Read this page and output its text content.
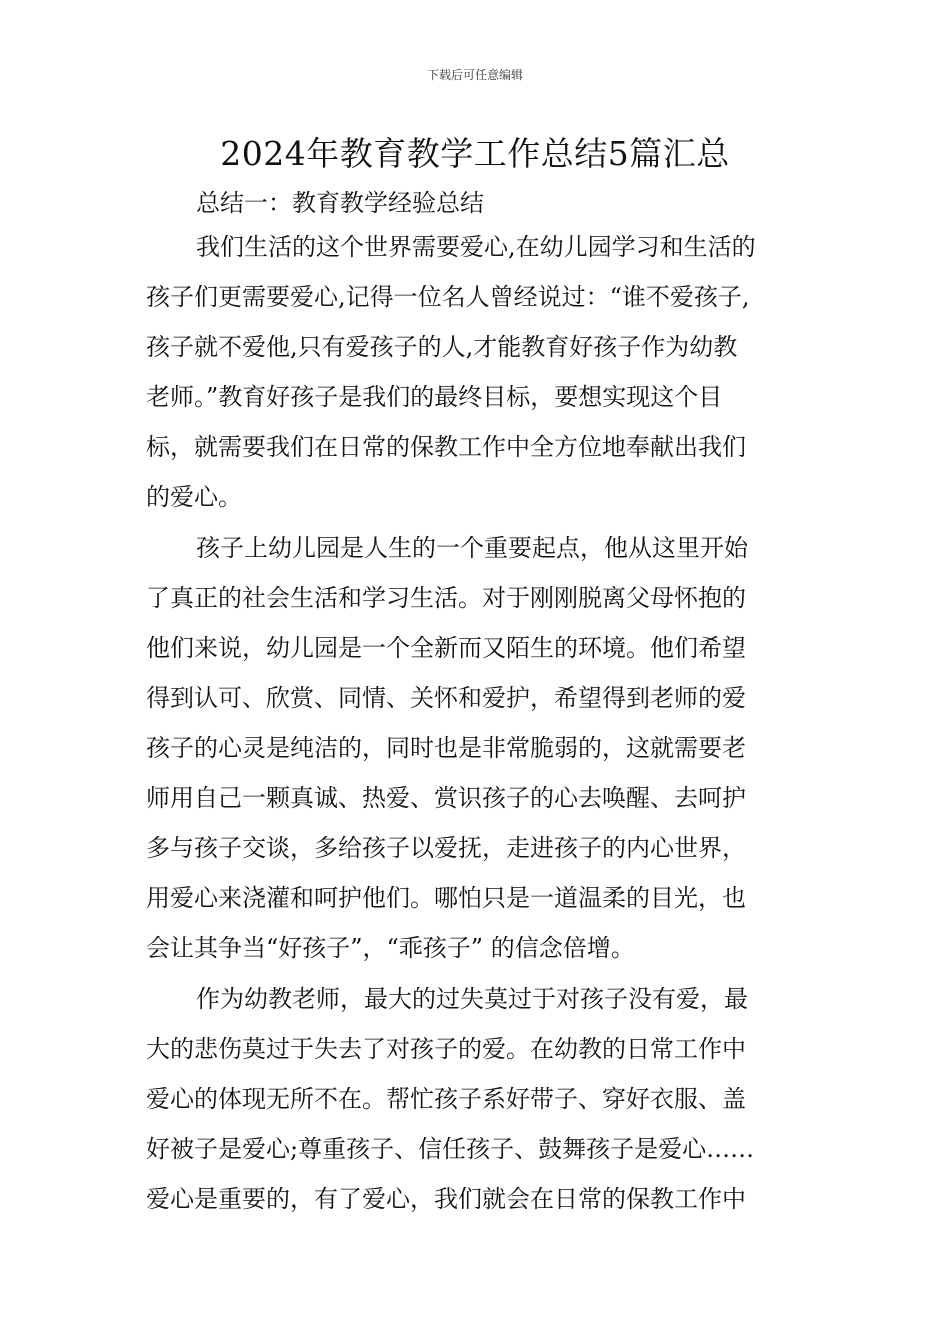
下载后可任意编辑
2024年教育教学工作总结5篇汇总
总结一：教育教学经验总结
我们生活的这个世界需要爱心,在幼儿园学习和生活的
孩子们更需要爱心,记得一位名人曾经说过：“谁不爱孩子,
孩子就不爱他,只有爱孩子的人,才能教育好孩子作为幼教
老师。”教育好孩子是我们的最终目标，要想实现这个目
标，就需要我们在日常的保教工作中全方位地奉献出我们
的爱心。
孩子上幼儿园是人生的一个重要起点，他从这里开始
了真正的社会生活和学习生活。对于刚刚脱离父母怀抱的
他们来说，幼儿园是一个全新而又陌生的环境。他们希望
得到认可、欣赏、同情、关怀和爱护，希望得到老师的爱
孩子的心灵是纯洁的，同时也是非常脆弱的，这就需要老
师用自己一颗真诚、热爱、赏识孩子的心去唤醒、去呵护
多与孩子交谈，多给孩子以爱抚，走进孩子的内心世界，
用爱心来浇灌和呵护他们。哪怕只是一道温柔的目光，也
会让其争当“好孩子”，“乖孩子” 的信念倍增。
作为幼教老师，最大的过失莫过于对孩子没有爱，最
大的悲伤莫过于失去了对孩子的爱。在幼教的日常工作中
爱心的体现无所不在。帮忙孩子系好带子、穿好衣服、盖
好被子是爱心;尊重孩子、信任孩子、鼓舞孩子是爱心……
爱心是重要的，有了爱心，我们就会在日常的保教工作中
